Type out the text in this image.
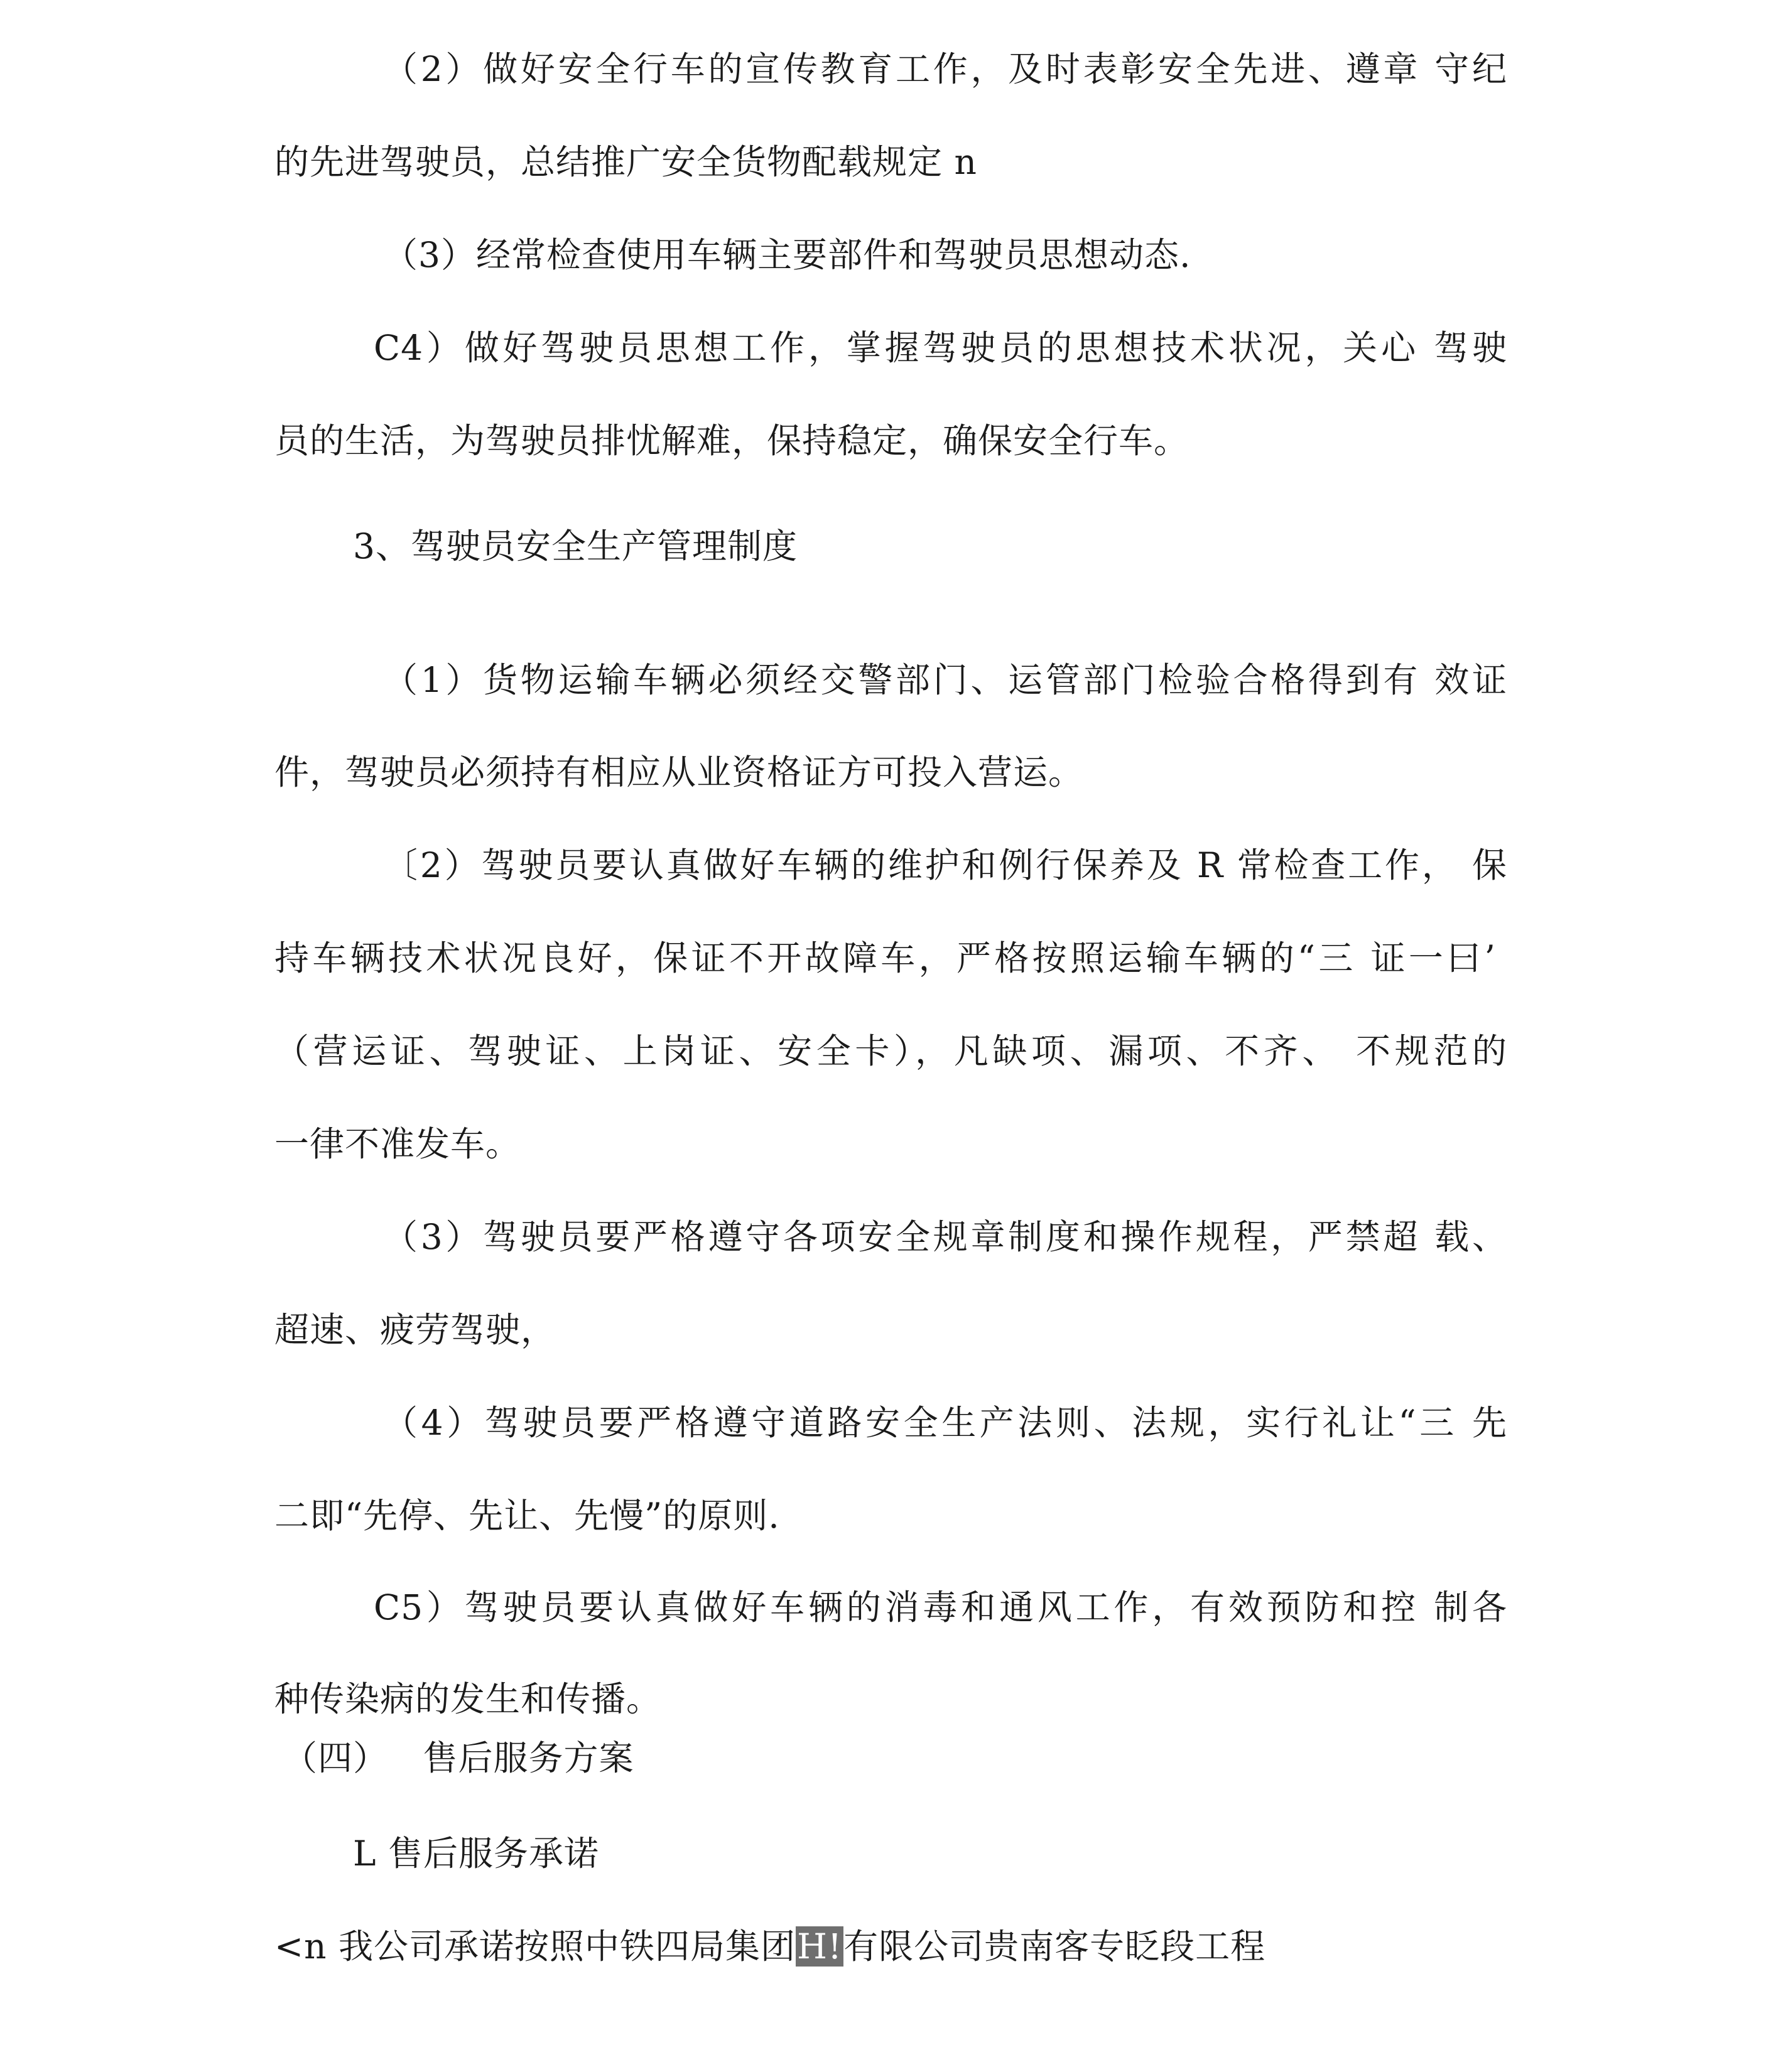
（2）做好安全行车的宣传教育工作，及时表彰安全先进、遵章 守纪
的先进驾驶员，总结推广安全货物配载规定 n
（3）经常检查使用车辆主要部件和驾驶员思想动态.
C4）做好驾驶员思想工作，掌握驾驶员的思想技术状况，关心 驾驶
员的生活，为驾驶员排忧解难，保持稳定，确保安全行车。
3、驾驶员安全生产管理制度
（1）货物运输车辆必须经交警部门、运管部门检验合格得到有 效证
件，驾驶员必须持有相应从业资格证方可投入营运。
〔2）驾驶员要认真做好车辆的维护和例行保养及 R 常检查工作， 保
持车辆技术状况良好，保证不开故障车，严格按照运输车辆的“三 证一曰’
（营运证、驾驶证、上岗证、安全卡），凡缺项、漏项、不齐、 不规范的
一律不准发车。
（3）驾驶员要严格遵守各项安全规章制度和操作规程，严禁超 载、
超速、疲劳驾驶，
（4）驾驶员要严格遵守道路安全生产法则、法规，实行礼让“三 先
二即“先停、先让、先慢”的原则.
C5）驾驶员要认真做好车辆的消毒和通风工作，有效预防和控 制各
种传染病的发生和传播。
（四）   售后服务方案
L 售后服务承诺
<n 我公司承诺按照中铁四局集团H!有限公司贵南客专眨段工程
